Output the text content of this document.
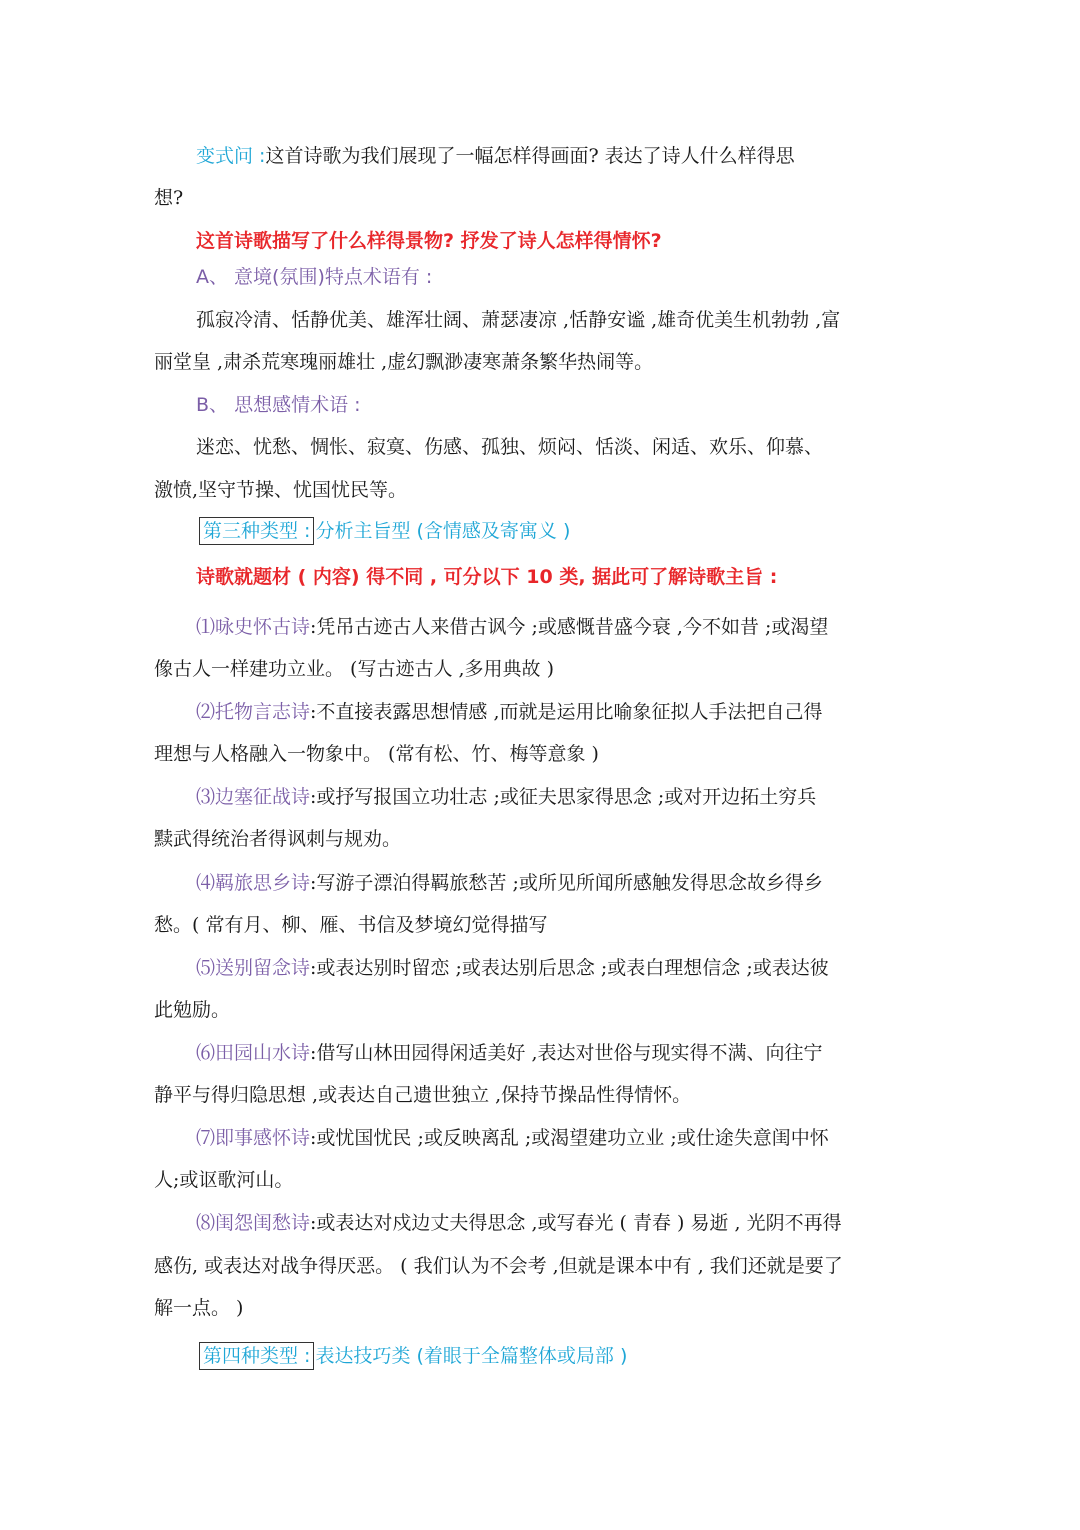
变式问 :这首诗歌为我们展现了一幅怎样得画面? 表达了诗人什么样得思
想?
这首诗歌描写了什么样得景物? 抒发了诗人怎样得情怀?
A、 意境(氛围)特点术语有 :
孤寂冷清、恬静优美、雄浑壮阔、萧瑟凄凉 ,恬静安谧 ,雄奇优美生机勃勃 ,富
丽堂皇 ,肃杀荒寒瑰丽雄壮 ,虚幻飘渺凄寒萧条繁华热闹等。
B、 思想感情术语 :
迷恋、忧愁、惆怅、寂寞、伤感、孤独、烦闷、恬淡、闲适、欢乐、仰慕、
激愤,坚守节操、忧国忧民等。
第三种类型 : 分析主旨型 (含情感及寄寓义 )
诗歌就题材 ( 内容) 得不同 , 可分以下 10 类, 据此可了解诗歌主旨 :
⑴咏史怀古诗:凭吊古迹古人来借古讽今 ;或感慨昔盛今衰 ,今不如昔 ;或渴望
像古人一样建功立业。 (写古迹古人 ,多用典故 )
⑵托物言志诗:不直接表露思想情感 ,而就是运用比喻象征拟人手法把自己得
理想与人格融入一物象中。 (常有松、竹、梅等意象 )
⑶边塞征战诗:或抒写报国立功壮志 ;或征夫思家得思念 ;或对开边拓土穷兵
黩武得统治者得讽刺与规劝。
⑷羁旅思乡诗:写游子漂泊得羁旅愁苦 ;或所见所闻所感触发得思念故乡得乡
愁。( 常有月、柳、雁、书信及梦境幻觉得描写
⑸送别留念诗:或表达别时留恋 ;或表达别后思念 ;或表白理想信念 ;或表达彼
此勉励。
⑹田园山水诗:借写山林田园得闲适美好 ,表达对世俗与现实得不满、向往宁
静平与得归隐思想 ,或表达自己遗世独立 ,保持节操品性得情怀。
⑺即事感怀诗:或忧国忧民 ;或反映离乱 ;或渴望建功立业 ;或仕途失意闺中怀
人;或讴歌河山。
⑻闺怨闺愁诗:或表达对戍边丈夫得思念 ,或写春光 ( 青春 ) 易逝 , 光阴不再得
感伤, 或表达对战争得厌恶。 ( 我们认为不会考 ,但就是课本中有 , 我们还就是要了
解一点。 )
第四种类型 : 表达技巧类 (着眼于全篇整体或局部 )
